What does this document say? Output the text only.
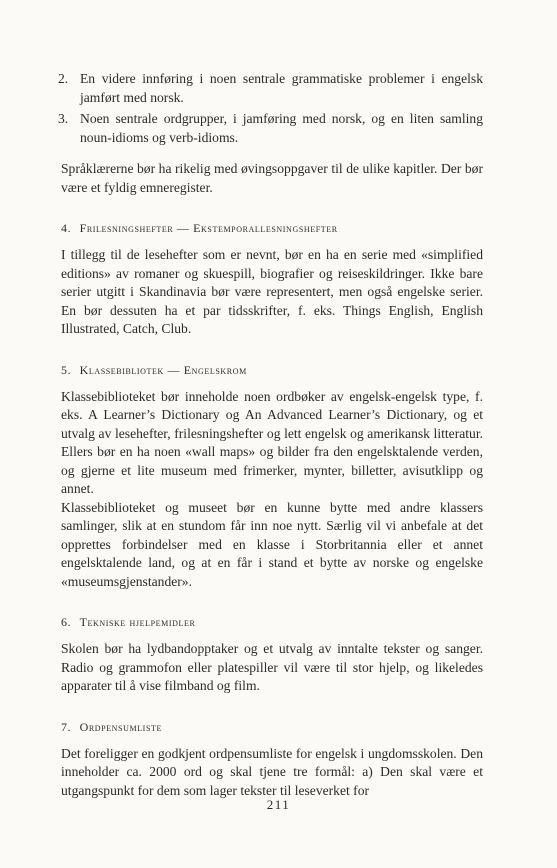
2. En videre innføring i noen sentrale grammatiske problemer i engelsk jamført med norsk.
3. Noen sentrale ordgrupper, i jamføring med norsk, og en liten samling noun-idioms og verb-idioms.

Språklærerne bør ha rikelig med øvingsoppgaver til de ulike kapitler. Der bør være et fyldig emneregister.

4. Frilesningshefter — Ekstemporallesningshefter

I tillegg til de lesehefter som er nevnt, bør en ha en serie med «simplified editions» av romaner og skuespill, biografier og reiseskildringer. Ikke bare serier utgitt i Skandinavia bør være representert, men også engelske serier. En bør dessuten ha et par tidsskrifter, f. eks. Things English, English Illustrated, Catch, Club.

5. Klassebibliotek — Engelskrom

Klassebiblioteket bør inneholde noen ordbøker av engelsk-engelsk type, f. eks. A Learner’s Dictionary og An Advanced Learner’s Dictionary, og et utvalg av lesehefter, frilesningshefter og lett engelsk og amerikansk litteratur. Ellers bør en ha noen «wall maps» og bilder fra den engelsktalende verden, og gjerne et lite museum med frimerker, mynter, billetter, avisutklipp og annet.

Klassebiblioteket og museet bør en kunne bytte med andre klassers samlinger, slik at en stundom får inn noe nytt. Særlig vil vi anbefale at det opprettes forbindelser med en klasse i Storbritannia eller et annet engelsktalende land, og at en får i stand et bytte av norske og engelske «museumsgjenstander».

6. Tekniske hjelpemidler

Skolen bør ha lydbandopptaker og et utvalg av inntalte tekster og sanger. Radio og grammofon eller platespiller vil være til stor hjelp, og likeledes apparater til å vise filmband og film.

7. Ordpensumliste

Det foreligger en godkjent ordpensumliste for engelsk i ungdomsskolen. Den inneholder ca. 2000 ord og skal tjene tre formål: a) Den skal være et utgangspunkt for dem som lager tekster til leseverket for

211
